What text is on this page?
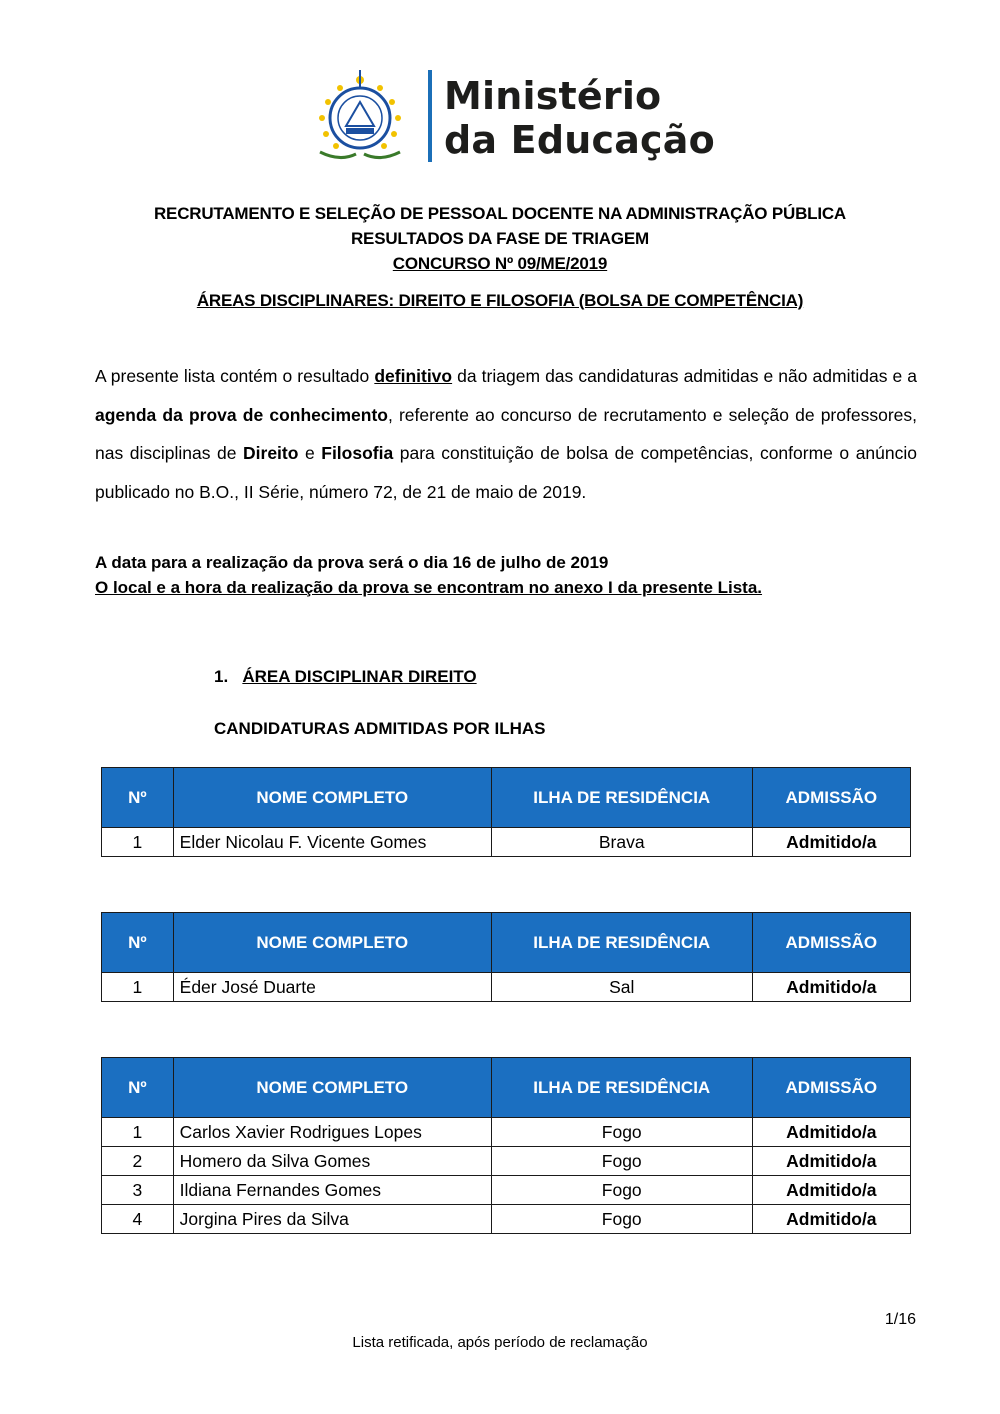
Ministério
da Educação
RECRUTAMENTO E SELEÇÃO DE PESSOAL DOCENTE NA ADMINISTRAÇÃO PÚBLICA
RESULTADOS DA FASE DE TRIAGEM
CONCURSO Nº 09/ME/2019
ÁREAS DISCIPLINARES: DIREITO E FILOSOFIA (BOLSA DE COMPETÊNCIA)
A presente lista contém o resultado definitivo da triagem das candidaturas admitidas e não admitidas e a agenda da prova de conhecimento, referente ao concurso de recrutamento e seleção de professores, nas disciplinas de Direito e Filosofia para constituição de bolsa de competências, conforme o anúncio publicado no B.O., II Série, número 72, de 21 de maio de 2019.
A data para a realização da prova será o dia 16 de julho de 2019
O local e a hora da realização da prova se encontram no anexo I da presente Lista.
1. ÁREA DISCIPLINAR DIREITO
CANDIDATURAS ADMITIDAS POR ILHAS
Nº	NOME COMPLETO	ILHA DE RESIDÊNCIA	ADMISSÃO
1	Elder Nicolau F. Vicente Gomes	Brava	Admitido/a
Nº	NOME COMPLETO	ILHA DE RESIDÊNCIA	ADMISSÃO
1	Éder José Duarte	Sal	Admitido/a
Nº	NOME COMPLETO	ILHA DE RESIDÊNCIA	ADMISSÃO
1	Carlos Xavier Rodrigues Lopes	Fogo	Admitido/a
2	Homero da Silva Gomes	Fogo	Admitido/a
3	Ildiana Fernandes Gomes	Fogo	Admitido/a
4	Jorgina Pires da Silva	Fogo	Admitido/a
1/16
Lista retificada, após período de reclamação
